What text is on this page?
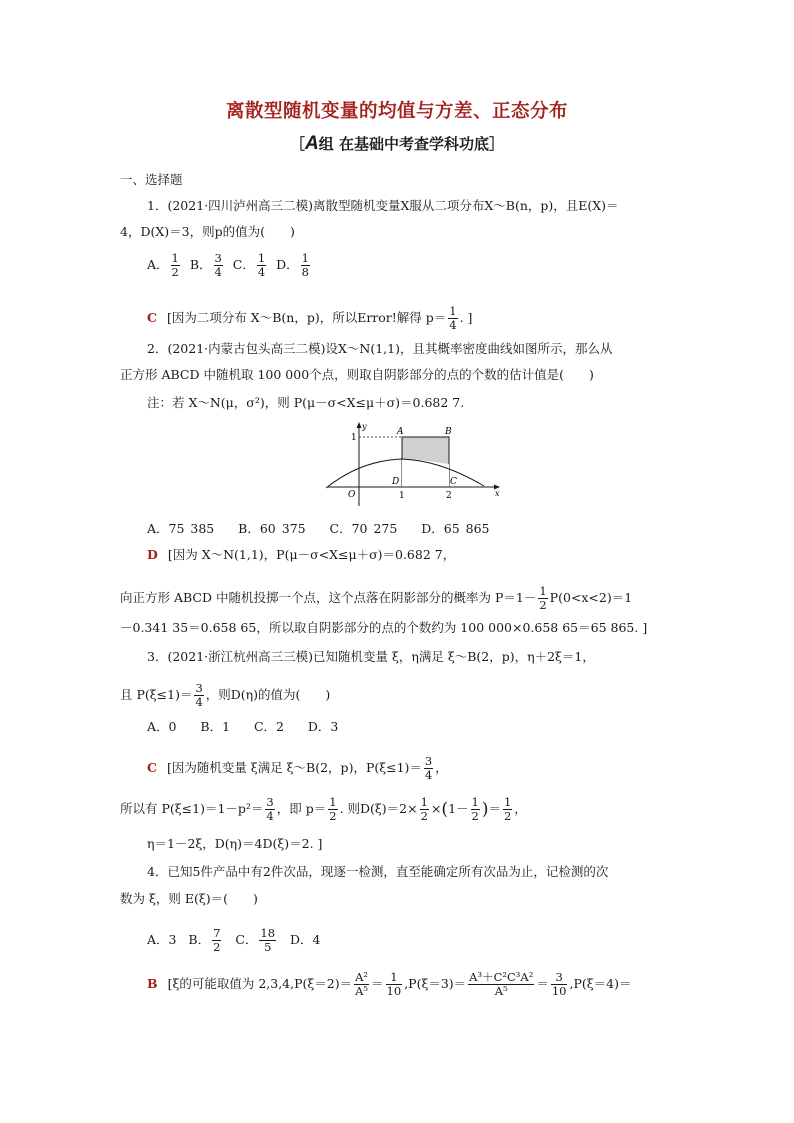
离散型随机变量的均值与方差、正态分布
［A组 在基础中考查学科功底］
一、选择题
1．(2021·四川泸州高三二模)离散型随机变量X服从二项分布X～B(n，p)，且E(X)＝
4，D(X)＝3，则p的值为(　　)
A． $\frac{1}{2}$ B． $\frac{3}{4}$ C． $\frac{1}{4}$ D． $\frac{1}{8}$
C [因为二项分布 X～B(n，p)，所以Error!解得 $p= \frac{1}{4}$ . ]
2．(2021·内蒙古包头高三二模)设X～N(1,1)，且其概率密度曲线如图所示，那么从
正方形 ABCD 中随机取 100 000个点，则取自阴影部分的点的个数的估计值是(　　)
注：若 X～N(μ，σ²)，则 P(μ－σ<X≤μ＋σ)＝0.682 7.
y
x
O
1
1	2
A	B
C
D
A．75 385 B．60 375 C．70 275 D．65 865
D [因为 X～N(1,1)，P(μ－σ<X≤μ＋σ)＝0.682 7，
向正方形 ABCD 中随机投掷一个点，这个点落在阴影部分的概率为 $P=1- \frac{1}{2} P(0<x<2)=1$
－0.341 35＝0.658 65，所以取自阴影部分的点的个数约为 100 000×0.658 65＝65 865. ]
3．(2021·浙江杭州高三三模)已知随机变量 ξ，η满足 ξ～B(2，p)，η＋2ξ＝1，
且 $P(\xi\le 1)= \frac{3}{4}$ ，则D(η)的值为(　　)
A．0 B．1 C．2 D．3
C [因为随机变量 ξ满足 ξ～B(2，p)，$P(\xi\le 1)= \frac{3}{4}$ ，
所以有 $P(\xi\le 1)=1-p^2= \frac{3}{4}$ ，即 $p= \frac{1}{2}$ . 则$D(\xi)=2\times \frac{1}{2} \times(1- \frac{1}{2}$ )＝ $\frac{1}{2}$ ，
η＝1－2ξ，D(η)＝4D(ξ)＝2. ]
4．已知5件产品中有2件次品，现逐一检测，直至能确定所有次品为止，记检测的次
数为 ξ，则 E(ξ)＝(　　)
A．3 B． $\frac{7}{2}$ C． $\frac{18}{5}$ D．4
B [ξ的可能取值为 $2,3,4,P(\xi=2)= \frac{\text{A²}}{\text{A⁵}} = \frac{1}{10} ,P(\xi=3)= \frac{\text{A³＋C²C³A²}}{\text{A⁵}} = \frac{3}{10} ,P(\xi=4)=$
